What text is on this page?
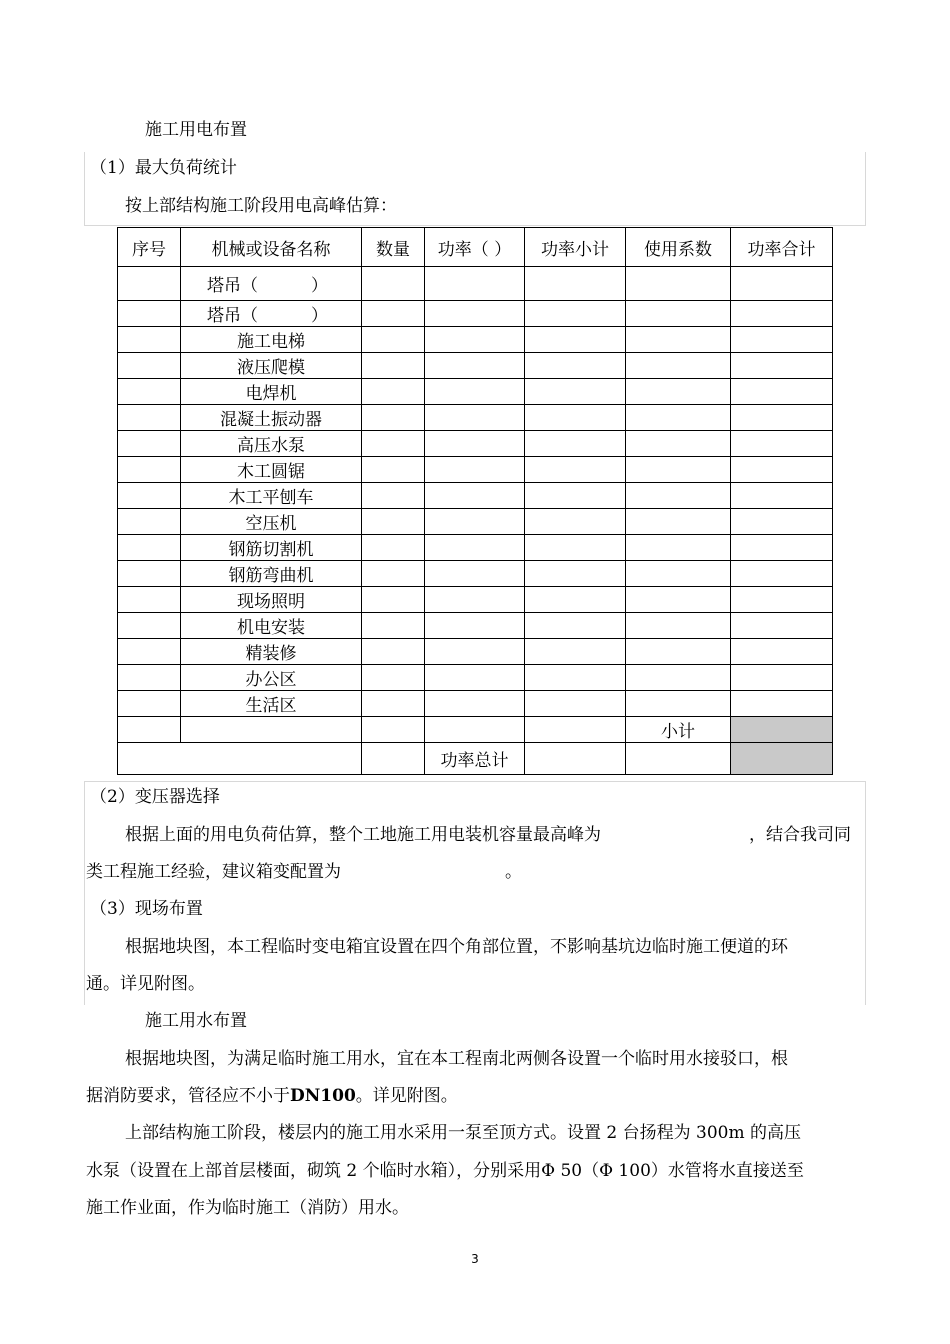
施工用电布置
（1）最大负荷统计
按上部结构施工阶段用电高峰估算：
序号	机械或设备名称	数量	功率（ ）	功率小计	使用系数	功率合计
	塔吊（ ）					
	塔吊（ ）					
	施工电梯					
	液压爬模					
	电焊机					
	混凝土振动器					
	高压水泵					
	木工圆锯					
	木工平刨车					
	空压机					
	钢筋切割机					
	钢筋弯曲机					
	现场照明					
	机电安装					
	精装修					
	办公区					
	生活区					
					小计	
			功率总计			
（2）变压器选择
根据上面的用电负荷估算，整个工地施工用电装机容量最高峰为	，结合我司同
类工程施工经验，建议箱变配置为	。
（3）现场布置
根据地块图，本工程临时变电箱宜设置在四个角部位置，不影响基坑边临时施工便道的环
通。详见附图。
施工用水布置
根据地块图，为满足临时施工用水，宜在本工程南北两侧各设置一个临时用水接驳口，根
据消防要求，管径应不小于DN100。详见附图。
上部结构施工阶段，楼层内的施工用水采用一泵至顶方式。设置 2 台扬程为 300m 的高压
水泵（设置在上部首层楼面，砌筑 2 个临时水箱），分别采用Φ 50（Φ 100）水管将水直接送至
施工作业面，作为临时施工（消防）用水。
3
